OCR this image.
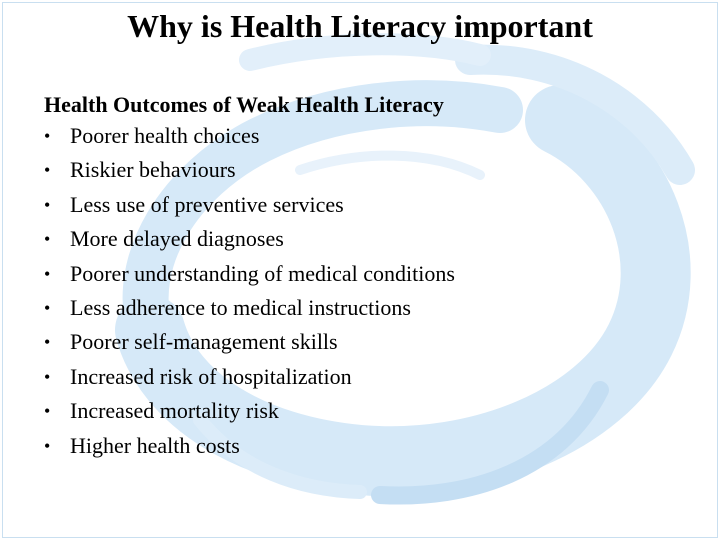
Why is Health Literacy important

Health Outcomes of Weak Health Literacy

• Poorer health choices
• Riskier behaviours
• Less use of preventive services
• More delayed diagnoses
• Poorer understanding of medical conditions
• Less adherence to medical instructions
• Poorer self-management skills
• Increased risk of hospitalization
• Increased mortality risk
• Higher health costs
